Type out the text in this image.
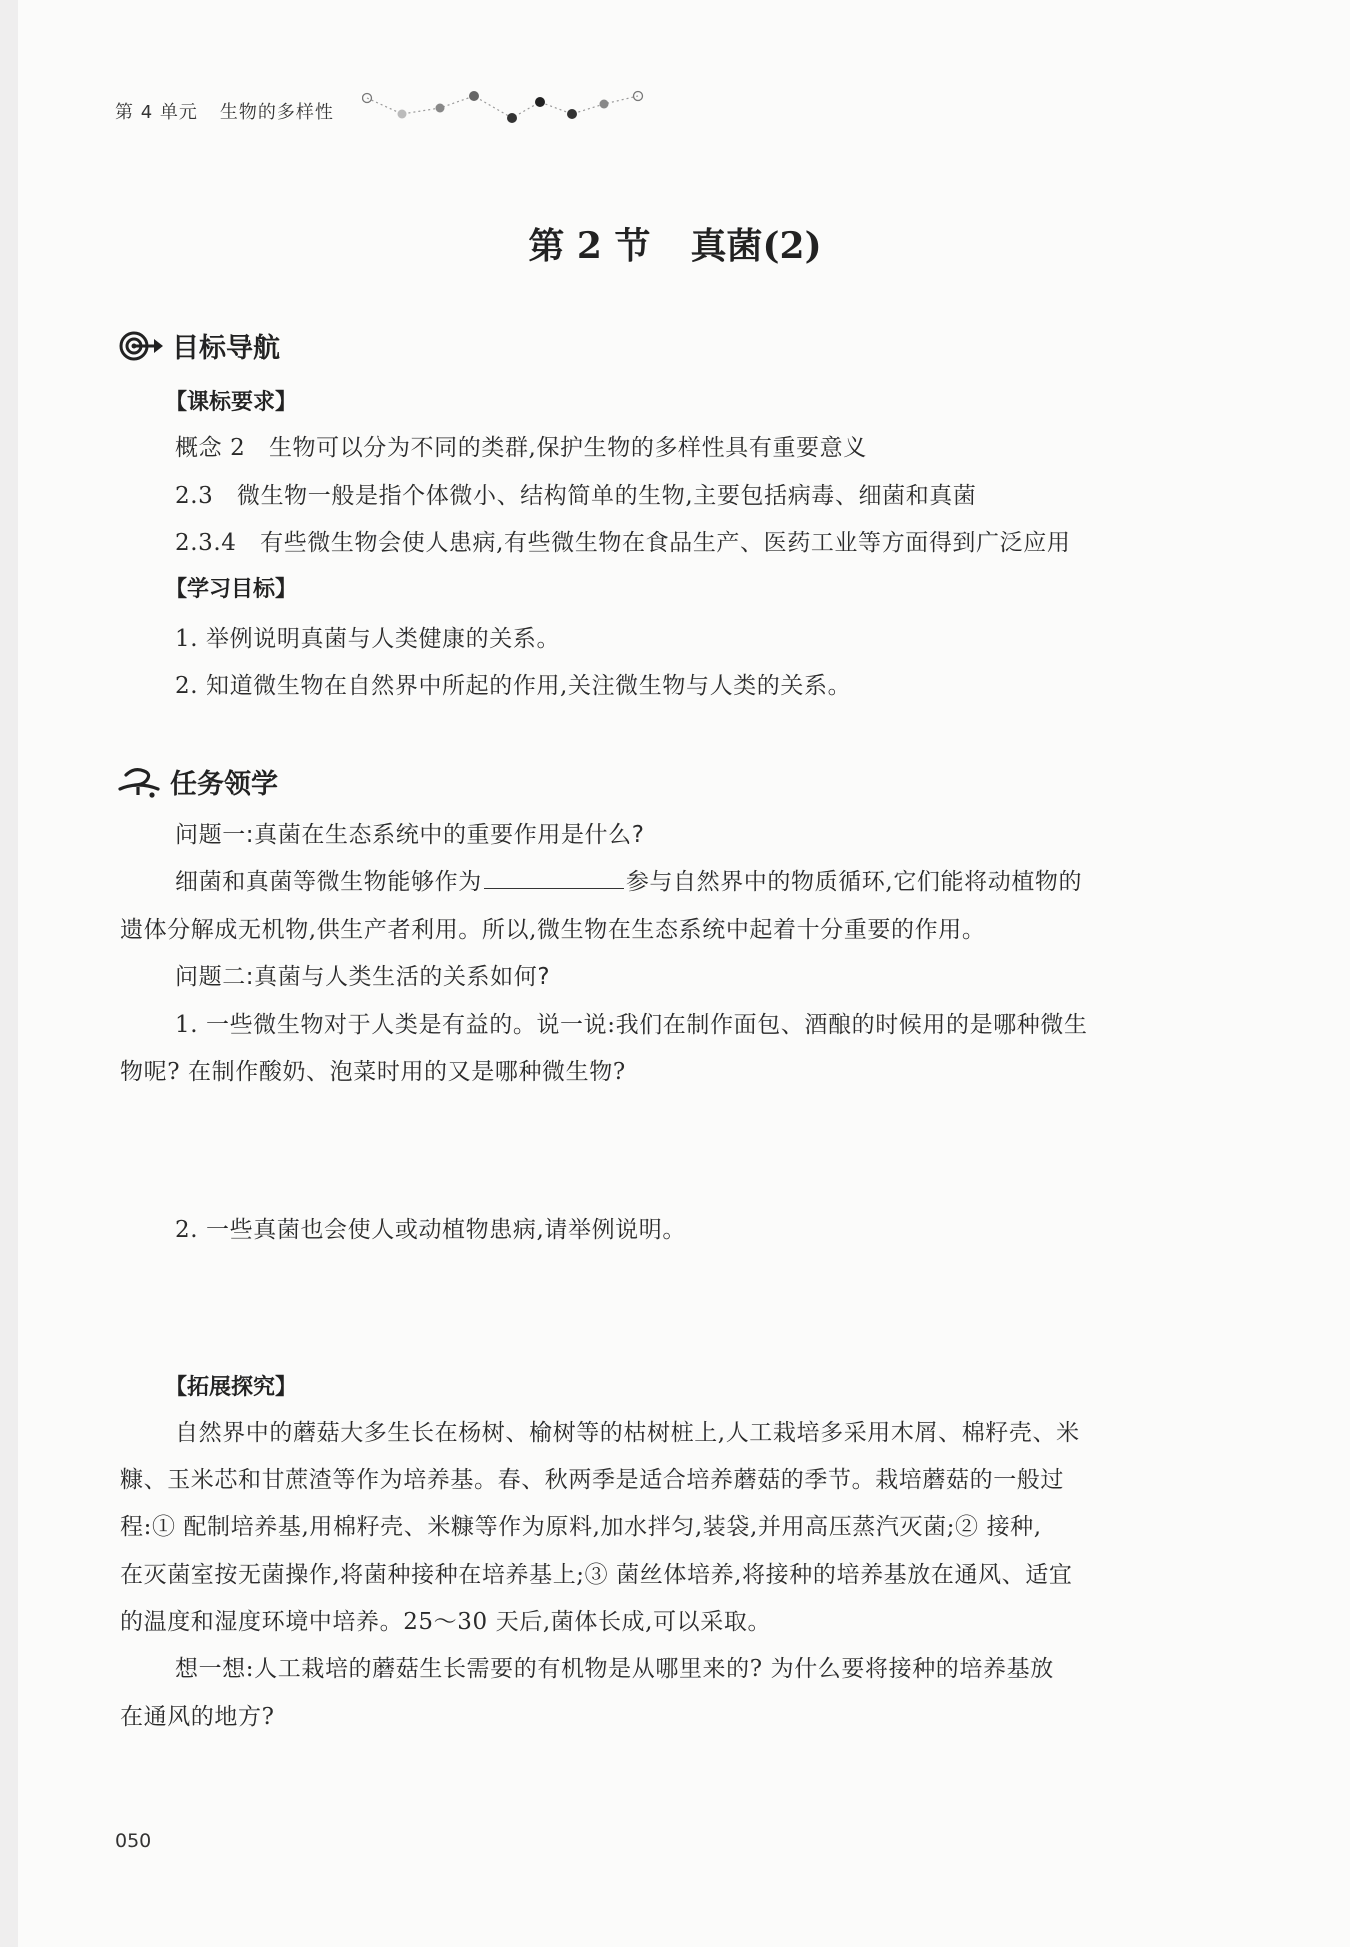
第 4 单元 生物的多样性
第 2 节 真菌(2)
目标导航
【课标要求】
概念 2　生物可以分为不同的类群,保护生物的多样性具有重要意义
2.3　微生物一般是指个体微小、结构简单的生物,主要包括病毒、细菌和真菌
2.3.4　有些微生物会使人患病,有些微生物在食品生产、医药工业等方面得到广泛应用
【学习目标】
1. 举例说明真菌与人类健康的关系。
2. 知道微生物在自然界中所起的作用,关注微生物与人类的关系。
任务领学
问题一:真菌在生态系统中的重要作用是什么?
细菌和真菌等微生物能够作为	参与自然界中的物质循环,它们能将动植物的
遗体分解成无机物,供生产者利用。所以,微生物在生态系统中起着十分重要的作用。
问题二:真菌与人类生活的关系如何?
1. 一些微生物对于人类是有益的。说一说:我们在制作面包、酒酿的时候用的是哪种微生
物呢? 在制作酸奶、泡菜时用的又是哪种微生物?
2. 一些真菌也会使人或动植物患病,请举例说明。
【拓展探究】
自然界中的蘑菇大多生长在杨树、榆树等的枯树桩上,人工栽培多采用木屑、棉籽壳、米
糠、玉米芯和甘蔗渣等作为培养基。春、秋两季是适合培养蘑菇的季节。栽培蘑菇的一般过
程:① 配制培养基,用棉籽壳、米糠等作为原料,加水拌匀,装袋,并用高压蒸汽灭菌;② 接种,
在灭菌室按无菌操作,将菌种接种在培养基上;③ 菌丝体培养,将接种的培养基放在通风、适宜
的温度和湿度环境中培养。25～30 天后,菌体长成,可以采取。
想一想:人工栽培的蘑菇生长需要的有机物是从哪里来的? 为什么要将接种的培养基放
在通风的地方?
050
